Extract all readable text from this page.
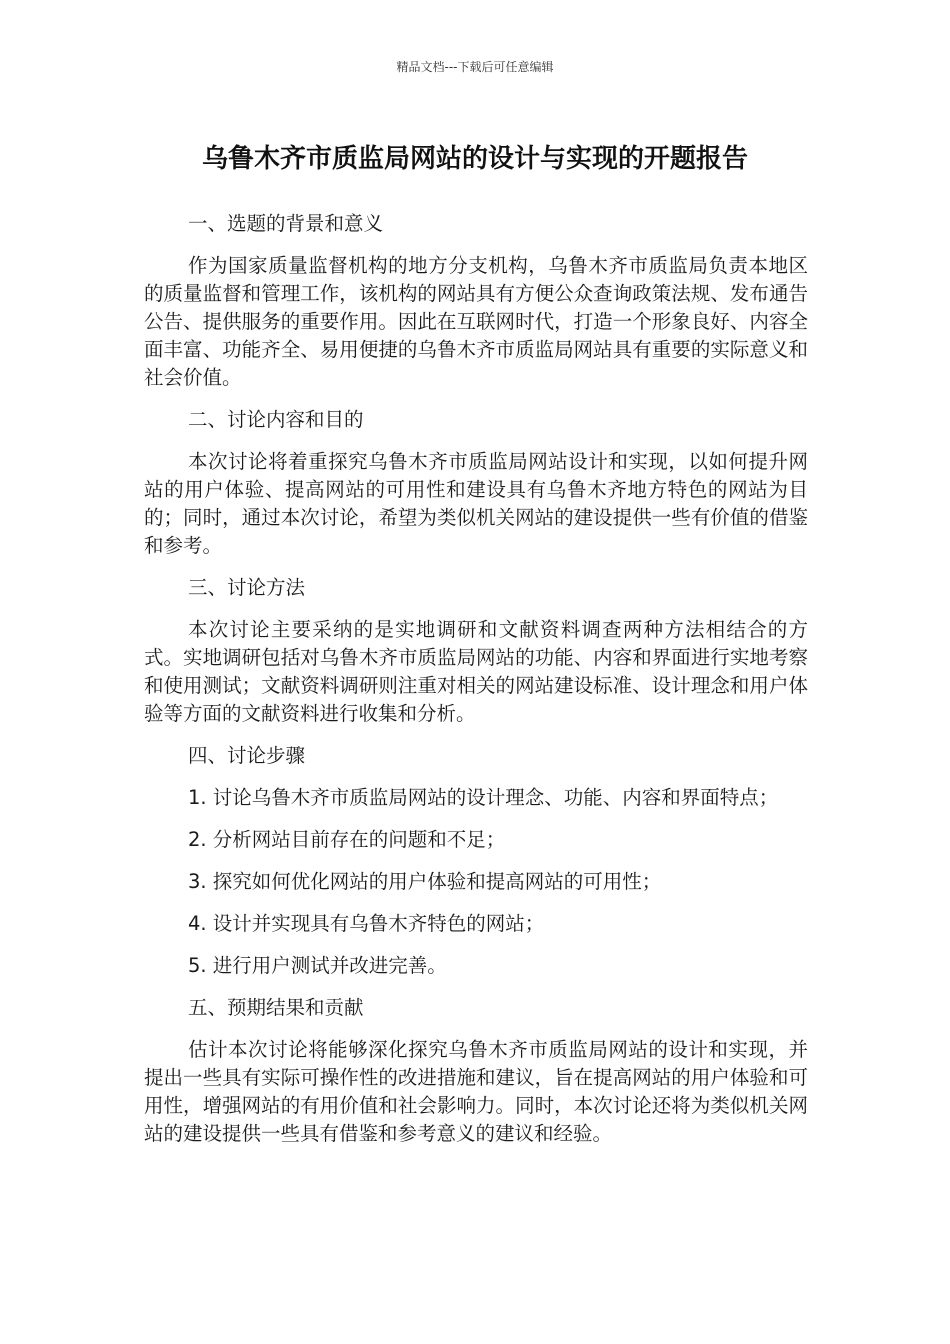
精品文档---下载后可任意编辑
乌鲁木齐市质监局网站的设计与实现的开题报告

一、选题的背景和意义

作为国家质量监督机构的地方分支机构，乌鲁木齐市质监局负责本地区的质量监督和管理工作，该机构的网站具有方便公众查询政策法规、发布通告公告、提供服务的重要作用。因此在互联网时代，打造一个形象良好、内容全面丰富、功能齐全、易用便捷的乌鲁木齐市质监局网站具有重要的实际意义和社会价值。

二、讨论内容和目的

本次讨论将着重探究乌鲁木齐市质监局网站设计和实现，以如何提升网站的用户体验、提高网站的可用性和建设具有乌鲁木齐地方特色的网站为目的；同时，通过本次讨论，希望为类似机关网站的建设提供一些有价值的借鉴和参考。

三、讨论方法

本次讨论主要采纳的是实地调研和文献资料调查两种方法相结合的方式。实地调研包括对乌鲁木齐市质监局网站的功能、内容和界面进行实地考察和使用测试；文献资料调研则注重对相关的网站建设标准、设计理念和用户体验等方面的文献资料进行收集和分析。

四、讨论步骤

1. 讨论乌鲁木齐市质监局网站的设计理念、功能、内容和界面特点；

2. 分析网站目前存在的问题和不足；

3. 探究如何优化网站的用户体验和提高网站的可用性；

4. 设计并实现具有乌鲁木齐特色的网站；

5. 进行用户测试并改进完善。

五、预期结果和贡献

估计本次讨论将能够深化探究乌鲁木齐市质监局网站的设计和实现，并提出一些具有实际可操作性的改进措施和建议，旨在提高网站的用户体验和可用性，增强网站的有用价值和社会影响力。同时，本次讨论还将为类似机关网站的建设提供一些具有借鉴和参考意义的建议和经验。
